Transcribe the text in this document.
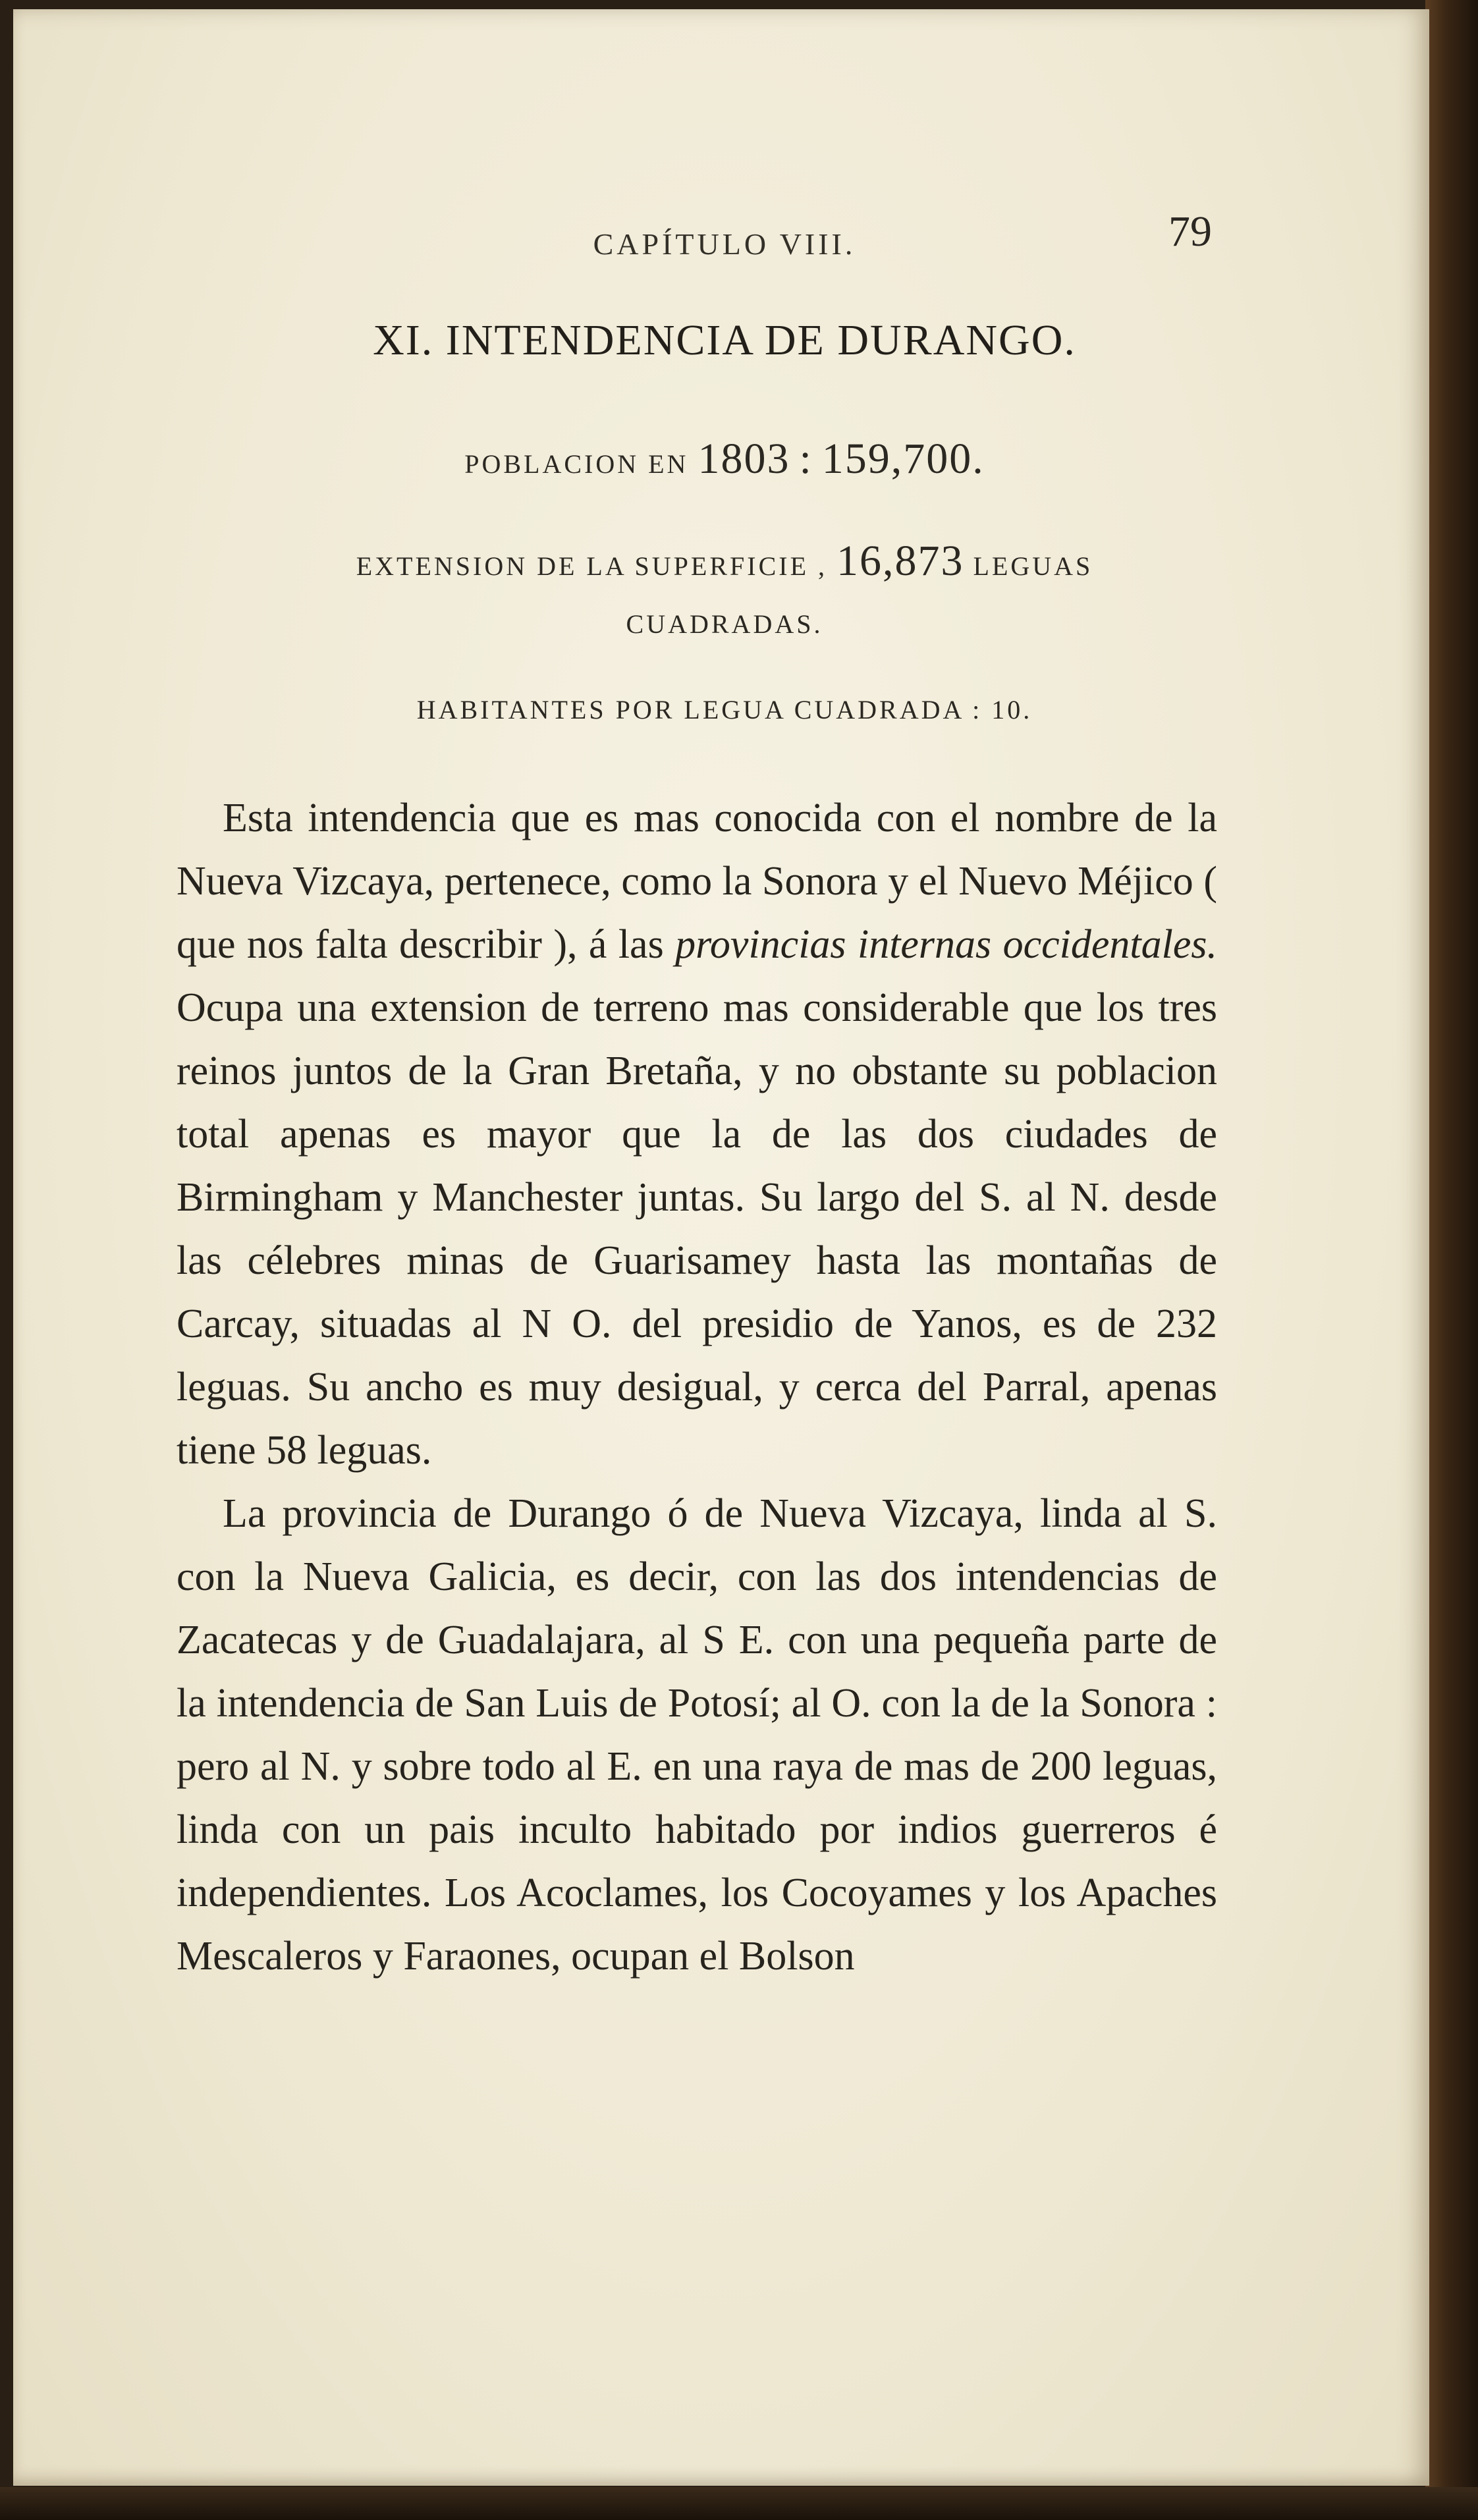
CAPÍTULO VIII.	79
XI. INTENDENCIA DE DURANGO.
POBLACION EN 1803 : 159,700.
EXTENSION DE LA SUPERFICIE , 16,873 LEGUAS
CUADRADAS.
HABITANTES POR LEGUA CUADRADA : 10.

Esta intendencia que es mas conocida con el nombre de la Nueva Vizcaya, pertenece, como la Sonora y el Nuevo Méjico ( que nos falta describir ), á las provincias internas occidentales. Ocupa una extension de terreno mas considerable que los tres reinos juntos de la Gran Bretaña, y no obstante su poblacion total apenas es mayor que la de las dos ciudades de Birmingham y Manchester juntas. Su largo del S. al N. desde las célebres minas de Guarisamey hasta las montañas de Carcay, situadas al N O. del presidio de Yanos, es de 232 leguas. Su ancho es muy desigual, y cerca del Parral, apenas tiene 58 leguas.

La provincia de Durango ó de Nueva Vizcaya, linda al S. con la Nueva Galicia, es decir, con las dos intendencias de Zacatecas y de Guadalajara, al S E. con una pequeña parte de la intendencia de San Luis de Potosí; al O. con la de la Sonora : pero al N. y sobre todo al E. en una raya de mas de 200 leguas, linda con un pais inculto habitado por indios guerreros é independientes. Los Acoclames, los Cocoyames y los Apaches Mescaleros y Faraones, ocupan el Bolson
